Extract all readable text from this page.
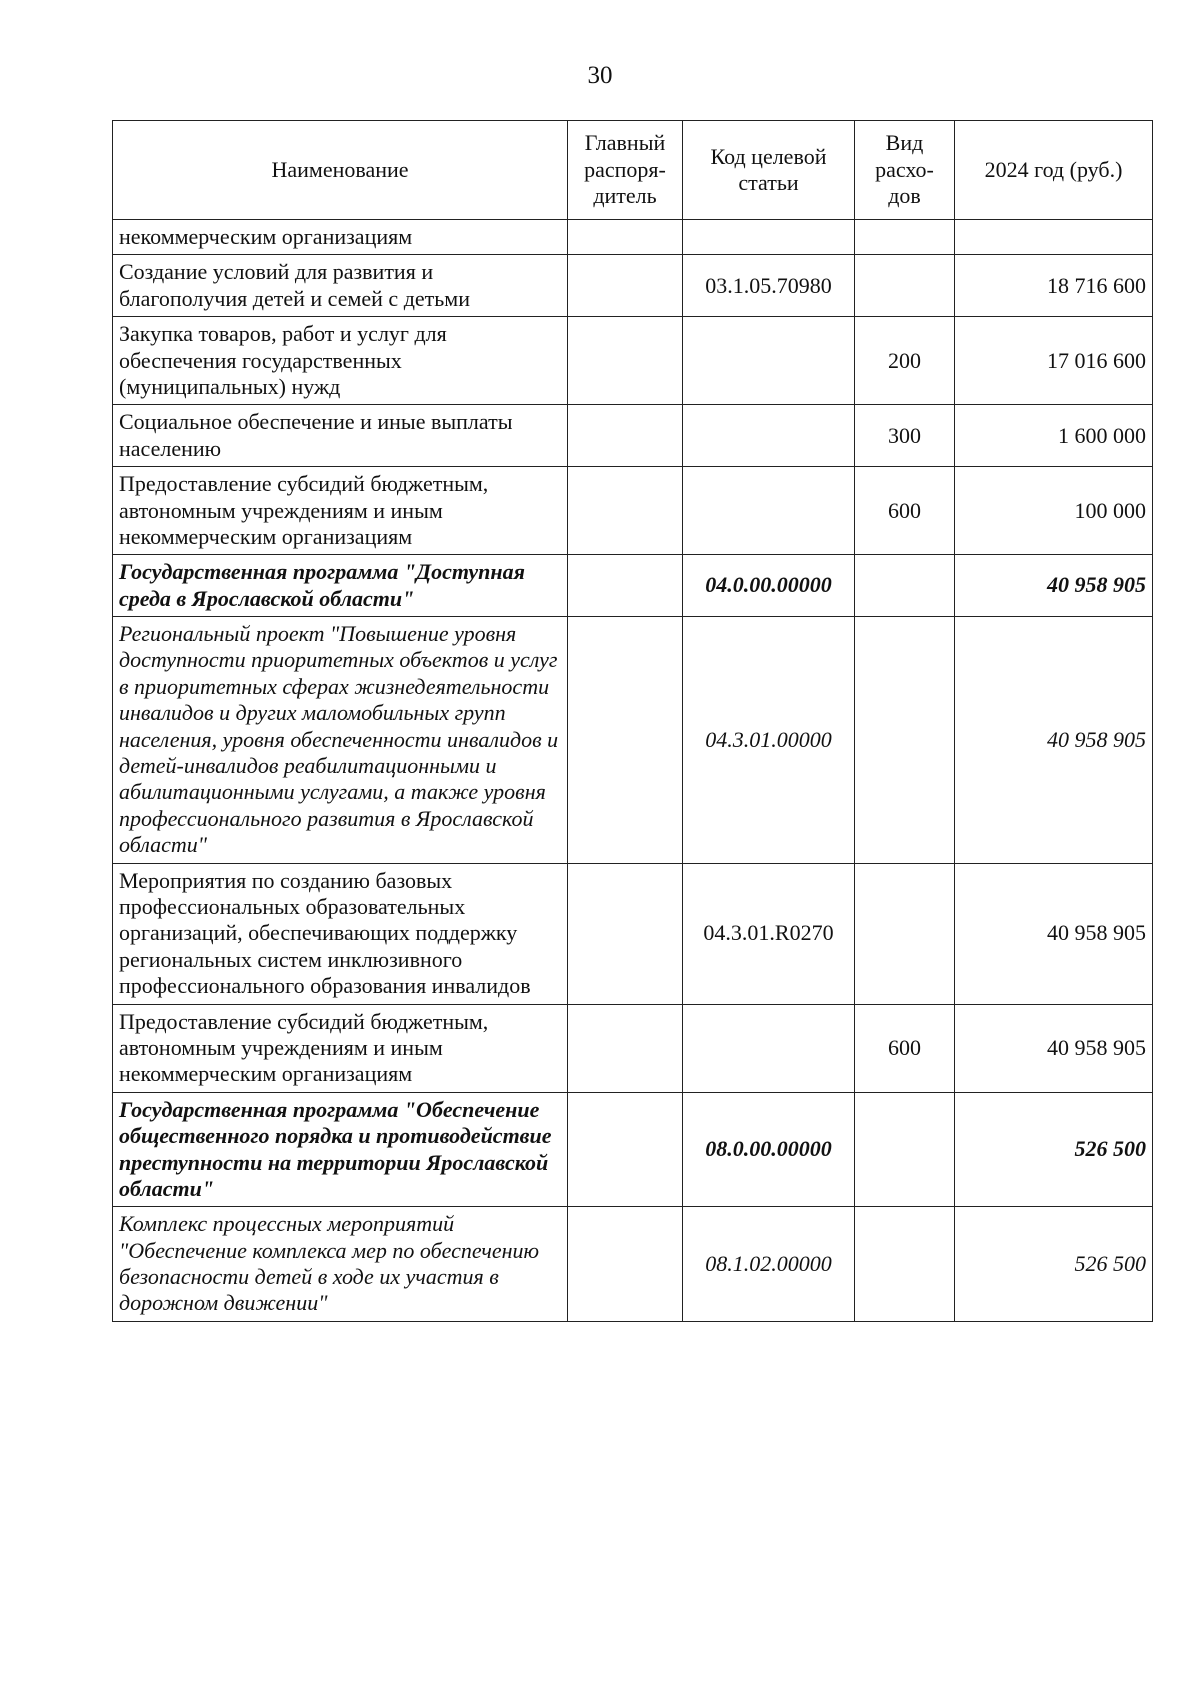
30
Наименование	Главный распоря-дитель	Код целевой статьи	Вид расхо-дов	2024 год (руб.)
некоммерческим организациям				
Создание условий для развития и благополучия детей и семей с детьми		03.1.05.70980		18 716 600
Закупка товаров, работ и услуг для обеспечения государственных (муниципальных) нужд			200	17 016 600
Социальное обеспечение и иные выплаты населению			300	1 600 000
Предоставление субсидий бюджетным, автономным учреждениям и иным некоммерческим организациям			600	100 000
Государственная программа "Доступная среда в Ярославской области"		04.0.00.00000		40 958 905
Региональный проект "Повышение уровня доступности приоритетных объектов и услуг в приоритетных сферах жизнедеятельности инвалидов и других маломобильных групп населения, уровня обеспеченности инвалидов и детей-инвалидов реабилитационными и абилитационными услугами, а также уровня профессионального развития в Ярославской области"		04.3.01.00000		40 958 905
Мероприятия по созданию базовых профессиональных образовательных организаций, обеспечивающих поддержку региональных систем инклюзивного профессионального образования инвалидов		04.3.01.R0270		40 958 905
Предоставление субсидий бюджетным, автономным учреждениям и иным некоммерческим организациям			600	40 958 905
Государственная программа "Обеспечение общественного порядка и противодействие преступности на территории Ярославской области"		08.0.00.00000		526 500
Комплекс процессных мероприятий "Обеспечение комплекса мер по обеспечению безопасности детей в ходе их участия в дорожном движении"		08.1.02.00000		526 500
